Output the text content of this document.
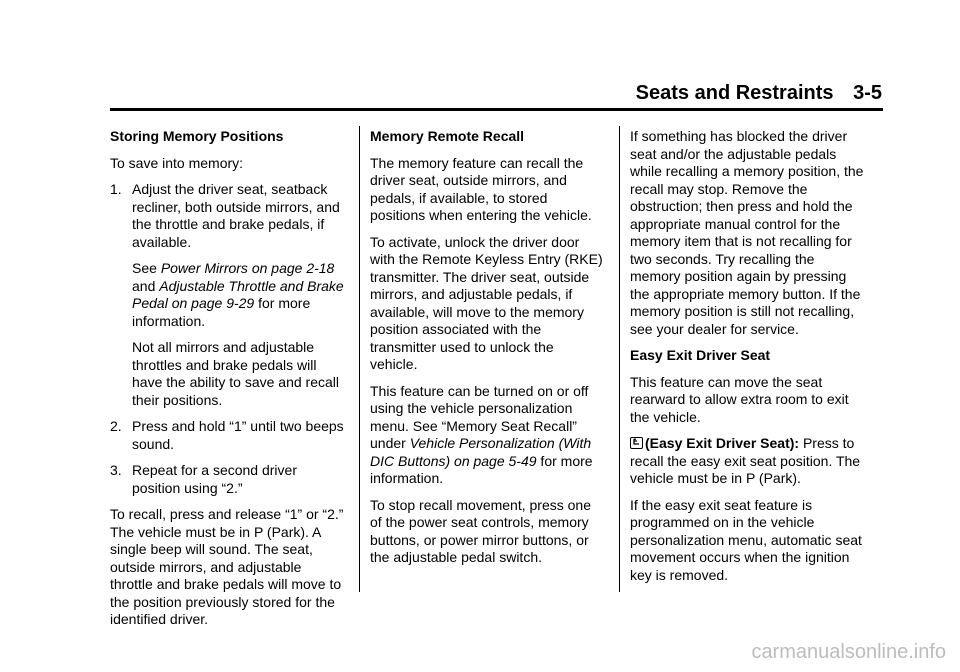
Seats and Restraints 3-5
Storing Memory Positions

To save into memory:

1. Adjust the driver seat, seatback recliner, both outside mirrors, and the throttle and brake pedals, if available.

See Power Mirrors on page 2-18 and Adjustable Throttle and Brake Pedal on page 9-29 for more information.

Not all mirrors and adjustable throttles and brake pedals will have the ability to save and recall their positions.

2. Press and hold “1” until two beeps sound.

3. Repeat for a second driver position using “2.”

To recall, press and release “1” or “2.” The vehicle must be in P (Park). A single beep will sound. The seat, outside mirrors, and adjustable throttle and brake pedals will move to the position previously stored for the identified driver.

Memory Remote Recall

The memory feature can recall the driver seat, outside mirrors, and pedals, if available, to stored positions when entering the vehicle.

To activate, unlock the driver door with the Remote Keyless Entry (RKE) transmitter. The driver seat, outside mirrors, and adjustable pedals, if available, will move to the memory position associated with the transmitter used to unlock the vehicle.

This feature can be turned on or off using the vehicle personalization menu. See “Memory Seat Recall” under Vehicle Personalization (With DIC Buttons) on page 5-49 for more information.

To stop recall movement, press one of the power seat controls, memory buttons, or power mirror buttons, or the adjustable pedal switch.

If something has blocked the driver seat and/or the adjustable pedals while recalling a memory position, the recall may stop. Remove the obstruction; then press and hold the appropriate manual control for the memory item that is not recalling for two seconds. Try recalling the memory position again by pressing the appropriate memory button. If the memory position is still not recalling, see your dealer for service.

Easy Exit Driver Seat

This feature can move the seat rearward to allow extra room to exit the vehicle.

(Easy Exit Driver Seat): Press to recall the easy exit seat position. The vehicle must be in P (Park).

If the easy exit seat feature is programmed on in the vehicle personalization menu, automatic seat movement occurs when the ignition key is removed.

carmanualsonline.info
